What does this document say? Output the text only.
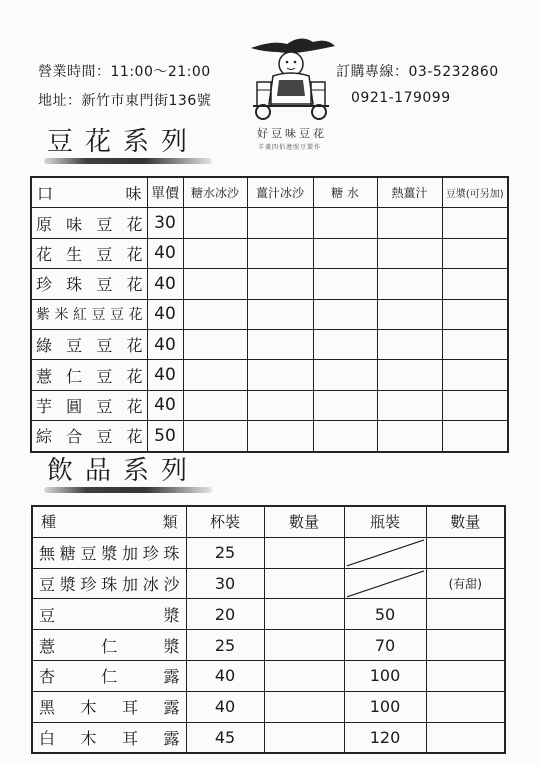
營業時間：11:00～21:00
地址：新竹市東門街136號
訂購專線：03-5232860
0921-179099
好豆味豆花
羊羹四伯遵照豆製作
豆花系列
口 味	單價	糖水冰沙	薑汁冰沙	糖 水	熱薑汁	豆漿(可另加)
原味豆花	30					
花生豆花	40					
珍珠豆花	40					
紫米紅豆豆花	40					
綠豆豆花	40					
薏仁豆花	40					
芋圓豆花	40					
綜合豆花	50					
飲品系列
種 類	杯裝	數量	瓶裝	數量
無糖豆漿加珍珠	25		

豆漿珍珠加冰沙	30			(有甜)
豆漿	20		50	
薏仁漿	25		70	
杏仁露	40		100	
黑木耳露	40		100	
白木耳露	45		120	
